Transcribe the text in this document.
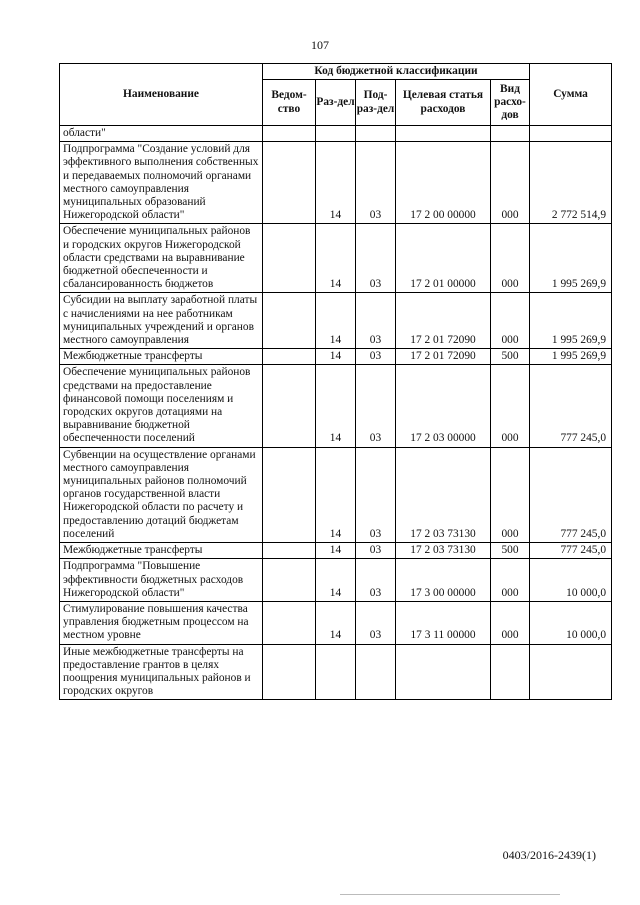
107
Наименование	Код бюджетной классификации					Сумма
	Ведом-ство	Раз-дел	Под-раз-дел	Целевая статья расходов	Вид расхо-дов	
области"						
Подпрограмма "Создание условий для эффективного выполнения собственных и передаваемых полномочий органами местного самоуправления муниципальных образований Нижегородской области"		14	03	17 2 00 00000	000	2 772 514,9
Обеспечение муниципальных районов и городских округов Нижегородской области средствами на выравнивание бюджетной обеспеченности и сбалансированность бюджетов		14	03	17 2 01 00000	000	1 995 269,9
Субсидии на выплату заработной платы с начислениями на нее работникам муниципальных учреждений и органов местного самоуправления		14	03	17 2 01 72090	000	1 995 269,9
Межбюджетные трансферты		14	03	17 2 01 72090	500	1 995 269,9
Обеспечение муниципальных районов средствами на предоставление финансовой помощи поселениям и городских округов дотациями на выравнивание бюджетной обеспеченности поселений		14	03	17 2 03 00000	000	777 245,0
Субвенции на осуществление органами местного самоуправления муниципальных районов полномочий органов государственной власти Нижегородской области по расчету и предоставлению дотаций бюджетам поселений		14	03	17 2 03 73130	000	777 245,0
Межбюджетные трансферты		14	03	17 2 03 73130	500	777 245,0
Подпрограмма "Повышение эффективности бюджетных расходов Нижегородской области"		14	03	17 3 00 00000	000	10 000,0
Стимулирование повышения качества управления бюджетным процессом на местном уровне		14	03	17 3 11 00000	000	10 000,0
Иные межбюджетные трансферты на предоставление грантов в целях поощрения муниципальных районов и городских округов						
0403/2016-2439(1)
